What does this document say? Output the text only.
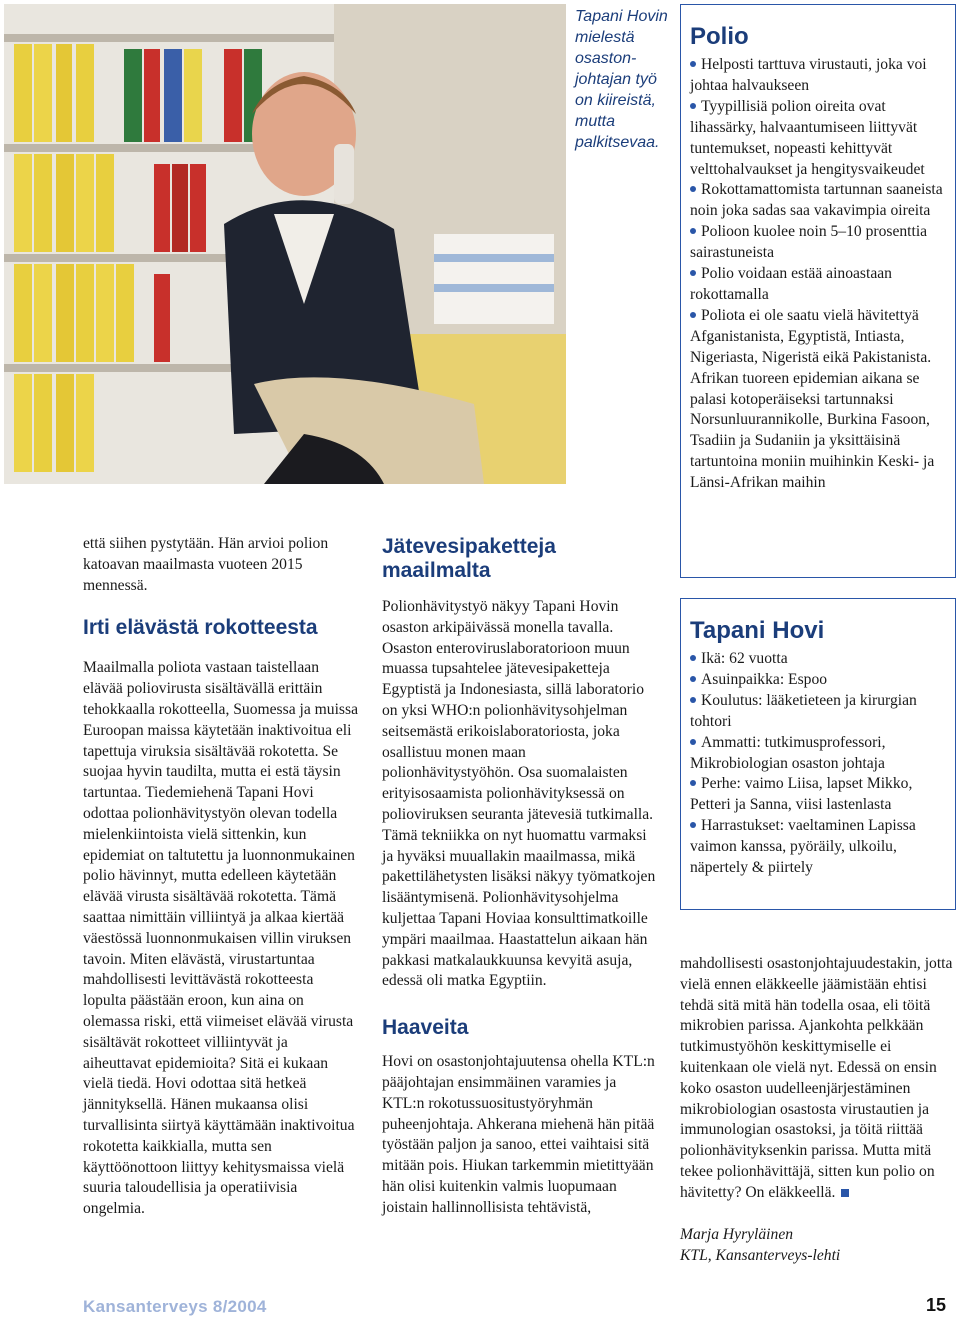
Tapani Hovin mielestä osaston-johtajan työ on kiireistä, mutta palkitsevaa.

että siihen pystytään. Hän arvioi polion katoavan maailmasta vuoteen 2015 mennessä.

Irti elävästä rokotteesta

Maailmalla poliota vastaan taistellaan elävää poliovirusta sisältävällä erittäin tehokkaalla rokotteella, Suomessa ja muissa Euroopan maissa käytetään inaktivoitua eli tapettuja viruksia sisältävää rokotetta. Se suojaa hyvin taudilta, mutta ei estä täysin tartuntaa. Tiedemiehenä Tapani Hovi odottaa polionhävitystyön olevan todella mielenkiintoista vielä sittenkin, kun epidemiat on taltutettu ja luonnonmukainen polio hävinnyt, mutta edelleen käytetään elävää virusta sisältävää rokotetta. Tämä saattaa nimittäin villiintyä ja alkaa kiertää väestössä luonnonmukaisen villin viruksen tavoin. Miten elävästä, virustartuntaa mahdollisesti levittävästä rokotteesta lopulta päästään eroon, kun aina on olemassa riski, että viimeiset elävää virusta sisältävät rokotteet villiintyvät ja aiheuttavat epidemioita? Sitä ei kukaan vielä tiedä. Hovi odottaa sitä hetkeä jännityksellä. Hänen mukaansa olisi turvallisinta siirtyä käyttämään inaktivoitua rokotetta kaikkialla, mutta sen käyttöönottoon liittyy kehitysmaissa vielä suuria taloudellisia ja operatiivisia ongelmia.

Jätevesipaketteja maailmalta

Polionhävitystyö näkyy Tapani Hovin osaston arkipäivässä monella tavalla. Osaston enteroviruslaboratorioon muun muassa tupsahtelee jätevesipaketteja Egyptistä ja Indonesiasta, sillä laboratorio on yksi WHO:n polionhävitysohjelman seitsemästä erikoislaboratoriosta, joka osallistuu monen maan polionhävitystyöhön. Osa suomalaisten erityisosaamista polionhävityksessä on polioviruksen seuranta jätevesiä tutkimalla. Tämä tekniikka on nyt huomattu varmaksi ja hyväksi muuallakin maailmassa, mikä pakettilähetysten lisäksi näkyy työmatkojen lisääntymisenä. Polionhävitysohjelma kuljettaa Tapani Hoviaa konsulttimatkoille ympäri maailmaa. Haastattelun aikaan hän pakkasi matkalaukkuunsa kevyitä asuja, edessä oli matka Egyptiin.

Haaveita

Hovi on osastonjohtajuutensa ohella KTL:n pääjohtajan ensimmäinen varamies ja KTL:n rokotussuositustyöryhmän puheenjohtaja. Ahkerana miehenä hän pitää työstään paljon ja sanoo, ettei vaihtaisi sitä mitään pois. Hiukan tarkemmin mietittyään hän olisi kuitenkin valmis luopumaan joistain hallinnollisista tehtävistä,

Polio
Helposti tarttuva virustauti, joka voi johtaa halvaukseen
Tyypillisiä polion oireita ovat lihassärky, halvaantumiseen liittyvät tuntemukset, nopeasti kehittyvät velttohalvaukset ja hengitysvaikeudet
Rokottamattomista tartunnan saaneista noin joka sadas saa vakavimpia oireita
Polioon kuolee noin 5–10 prosenttia sairastuneista
Polio voidaan estää ainoastaan rokottamalla
Poliota ei ole saatu vielä hävitettyä Afganistanista, Egyptistä, Intiasta, Nigeriasta, Nigeristä eikä Pakistanista. Afrikan tuoreen epidemian aikana se palasi kotoperäiseksi tartunnaksi Norsunluurannikolle, Burkina Fasoon, Tsadiin ja Sudaniin ja yksittäisinä tartuntoina moniin muihinkin Keski- ja Länsi-Afrikan maihin
Tapani Hovi
Ikä: 62 vuotta
Asuinpaikka: Espoo
Koulutus: lääketieteen ja kirurgian tohtori
Ammatti: tutkimusprofessori, Mikrobiologian osaston johtaja
Perhe: vaimo Liisa, lapset Mikko, Petteri ja Sanna, viisi lastenlasta
Harrastukset: vaeltaminen Lapissa vaimon kanssa, pyöräily, ulkoilu, näpertely & piirtely

mahdollisesti osastonjohtajuudestakin, jotta vielä ennen eläkkeelle jäämistään ehtisi tehdä sitä mitä hän todella osaa, eli töitä mikrobien parissa. Ajankohta pelkkään tutkimustyöhön keskittymiselle ei kuitenkaan ole vielä nyt. Edessä on ensin koko osaston uudelleenjärjestäminen mikrobiologian osastosta virustautien ja immunologian osastoksi, ja töitä riittää polionhävityksenkin parissa. Mutta mitä tekee polionhävittäjä, sitten kun polio on hävitetty? On eläkkeellä.

Marja Hyryläinen
KTL, Kansanterveys-lehti
Kansanterveys 8/2004	15
